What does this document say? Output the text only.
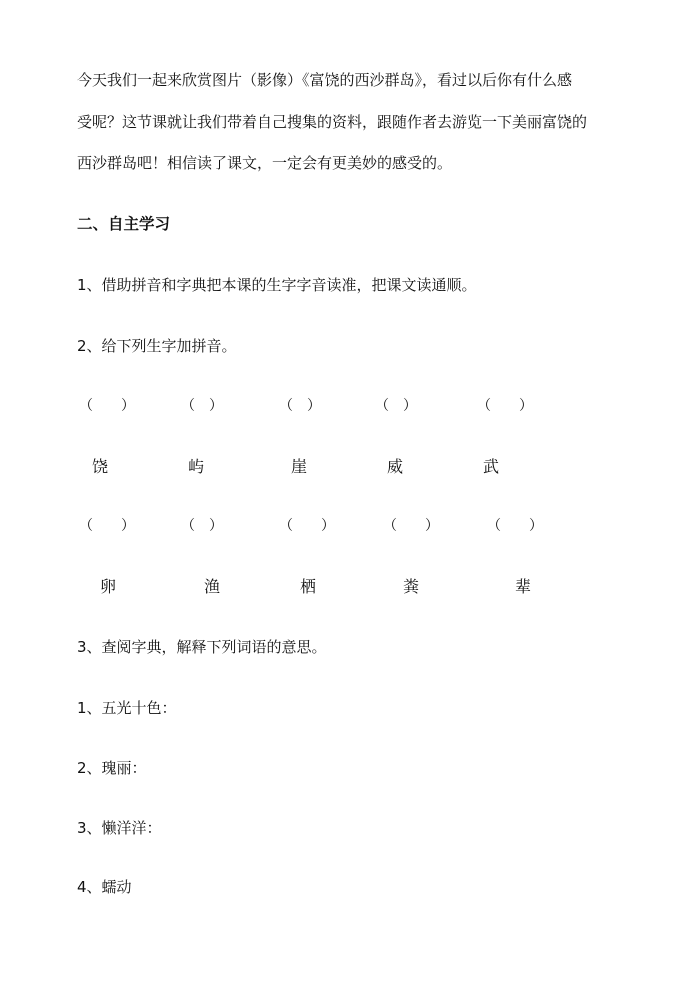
今天我们一起来欣赏图片（影像）《富饶的西沙群岛》，看过以后你有什么感
受呢？这节课就让我们带着自己搜集的资料，跟随作者去游览一下美丽富饶的
西沙群岛吧！相信读了课文，一定会有更美妙的感受的。
二、自主学习
1、借助拼音和字典把本课的生字字音读准，把课文读通顺。
2、给下列生字加拼音。
（　　）	（　）	（　）	（　）	（　　）
饶	屿	崖	威	武
（　　）	（　）	（　　）	（　　）	（　　）
卵	渔	栖	粪	辈
3、查阅字典，解释下列词语的意思。
1、五光十色：
2、瑰丽：
3、懒洋洋：
4、蠕动
